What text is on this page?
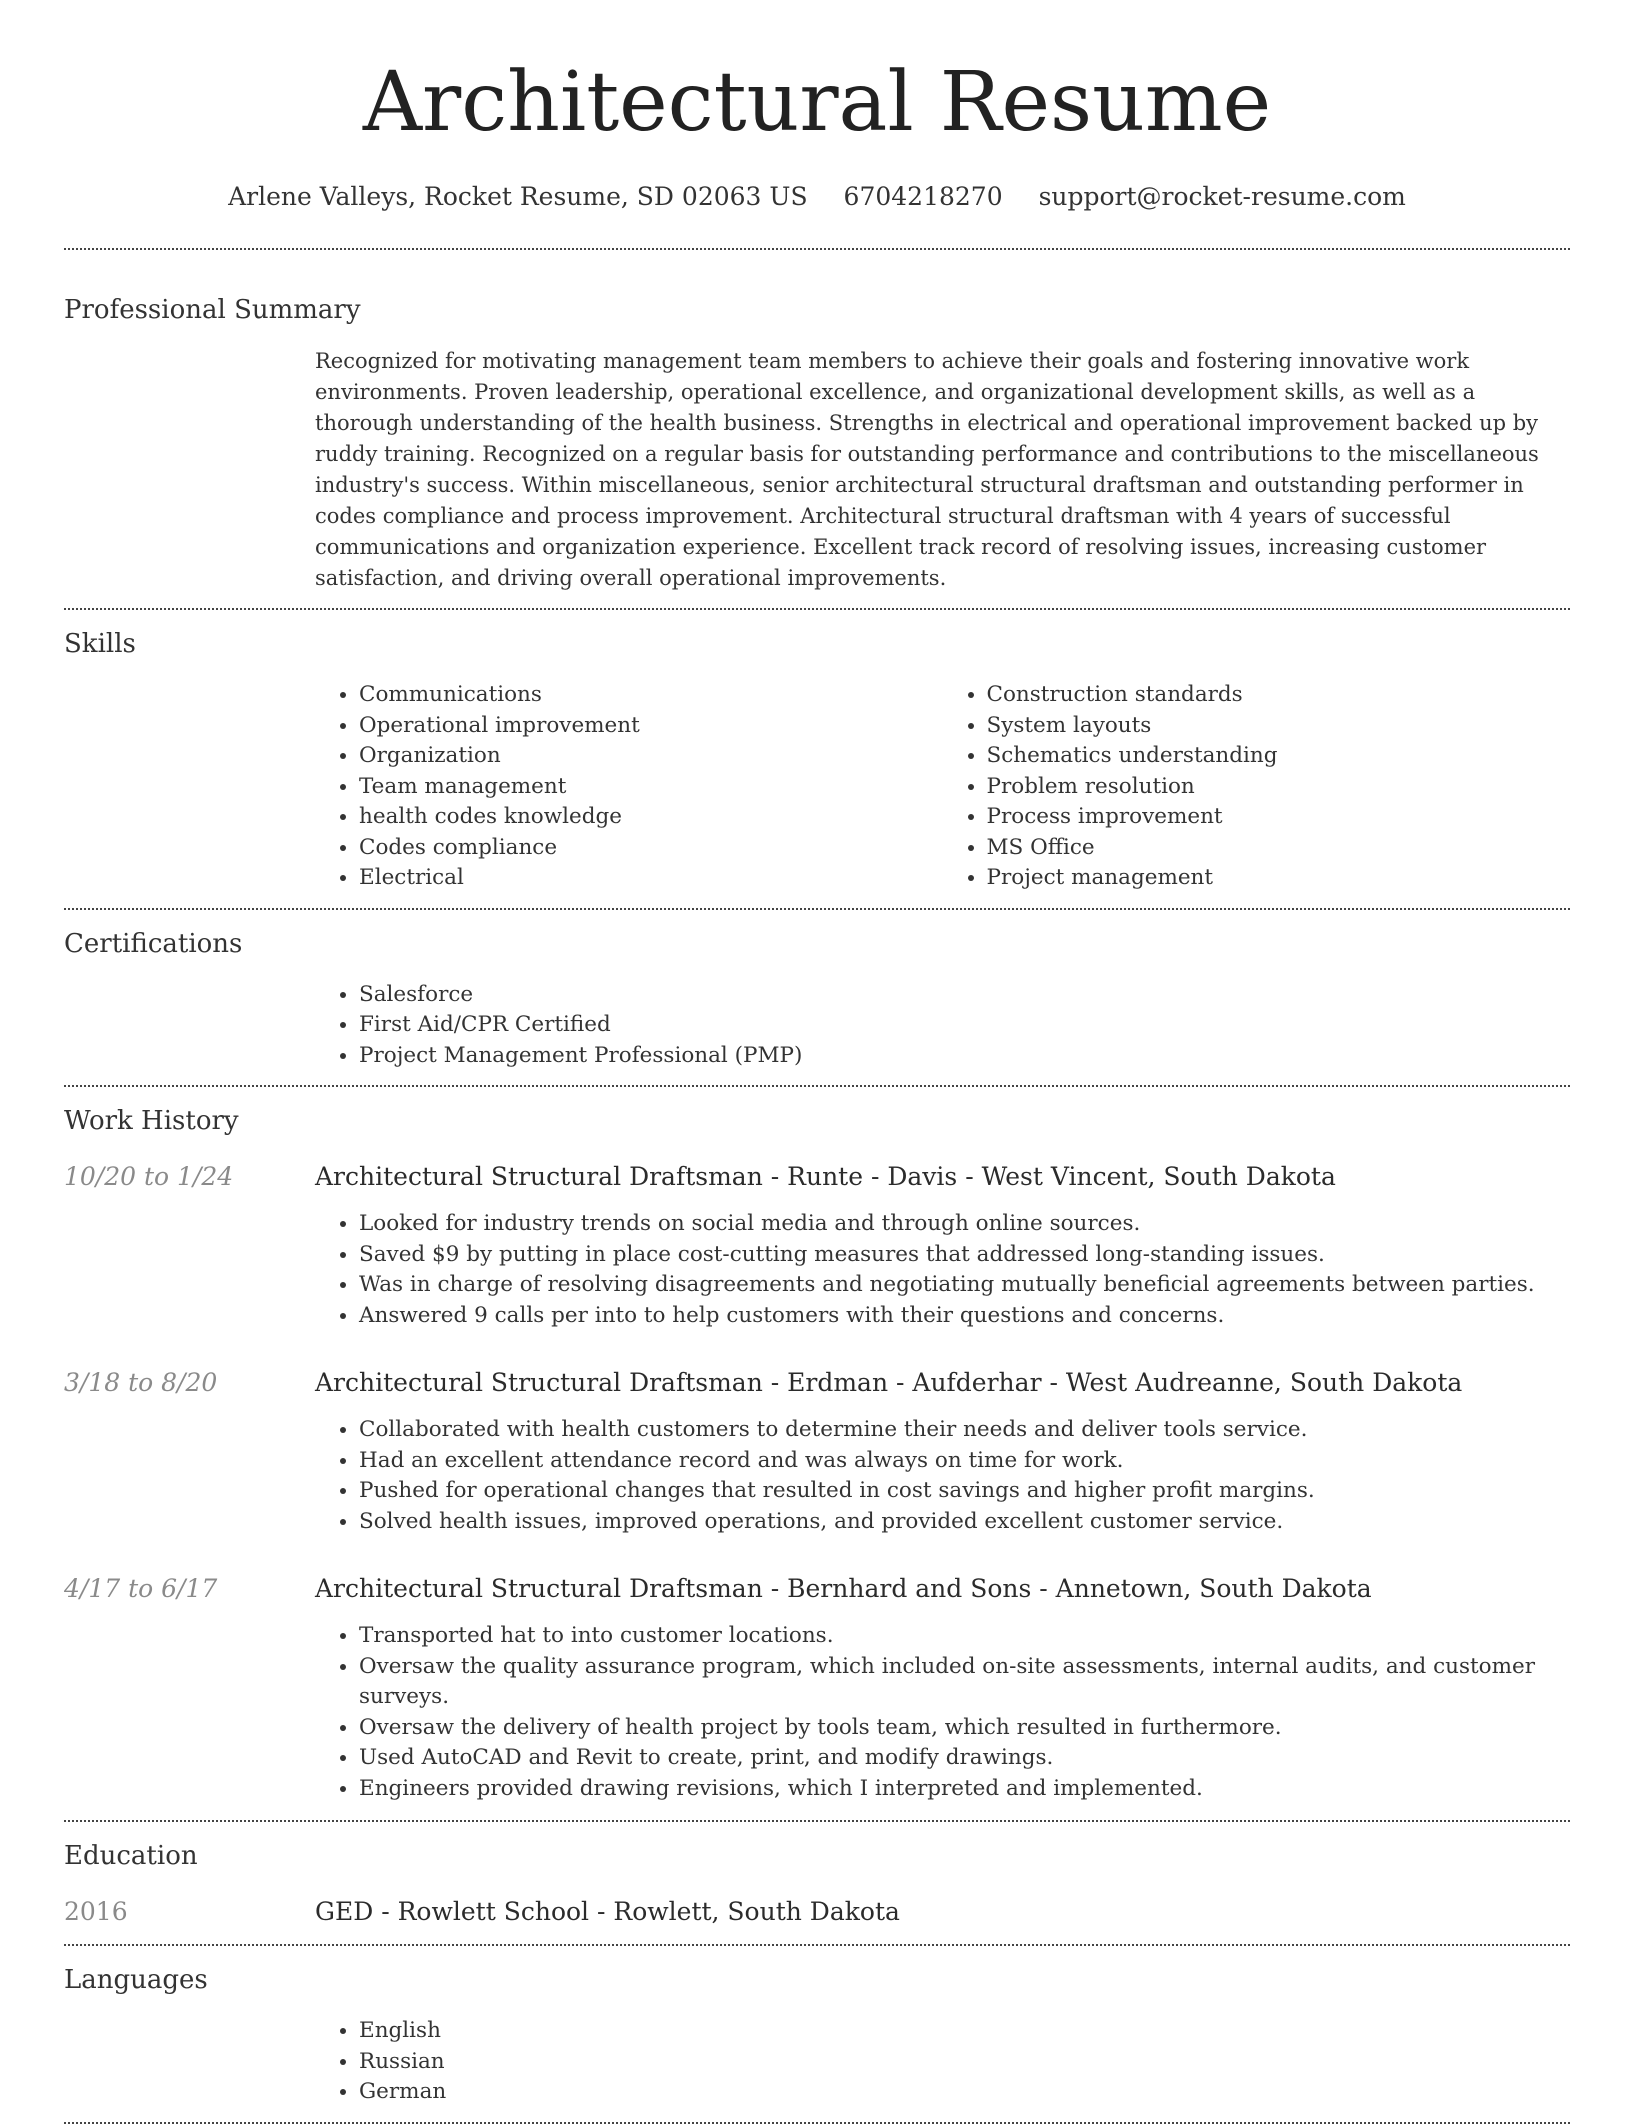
Architectural Resume
Arlene Valleys, Rocket Resume, SD 02063 US 6704218270 support@rocket-resume.com
Professional Summary
Recognized for motivating management team members to achieve their goals and fostering innovative work environments. Proven leadership, operational excellence, and organizational development skills, as well as a thorough understanding of the health business. Strengths in electrical and operational improvement backed up by ruddy training. Recognized on a regular basis for outstanding performance and contributions to the miscellaneous industry's success. Within miscellaneous, senior architectural structural draftsman and outstanding performer in codes compliance and process improvement. Architectural structural draftsman with 4 years of successful communications and organization experience. Excellent track record of resolving issues, increasing customer satisfaction, and driving overall operational improvements.
Skills
• Communications
• Operational improvement
• Organization
• Team management
• health codes knowledge
• Codes compliance
• Electrical
• Construction standards
• System layouts
• Schematics understanding
• Problem resolution
• Process improvement
• MS Office
• Project management
Certifications
• Salesforce
• First Aid/CPR Certified
• Project Management Professional (PMP)
Work History
10/20 to 1/24	Architectural Structural Draftsman - Runte - Davis - West Vincent, South Dakota
• Looked for industry trends on social media and through online sources.
• Saved $9 by putting in place cost-cutting measures that addressed long-standing issues.
• Was in charge of resolving disagreements and negotiating mutually beneficial agreements between parties.
• Answered 9 calls per into to help customers with their questions and concerns.
3/18 to 8/20	Architectural Structural Draftsman - Erdman - Aufderhar - West Audreanne, South Dakota
• Collaborated with health customers to determine their needs and deliver tools service.
• Had an excellent attendance record and was always on time for work.
• Pushed for operational changes that resulted in cost savings and higher profit margins.
• Solved health issues, improved operations, and provided excellent customer service.
4/17 to 6/17	Architectural Structural Draftsman - Bernhard and Sons - Annetown, South Dakota
• Transported hat to into customer locations.
• Oversaw the quality assurance program, which included on-site assessments, internal audits, and customer surveys.
• Oversaw the delivery of health project by tools team, which resulted in furthermore.
• Used AutoCAD and Revit to create, print, and modify drawings.
• Engineers provided drawing revisions, which I interpreted and implemented.
Education
2016	GED - Rowlett School - Rowlett, South Dakota
Languages
• English
• Russian
• German
